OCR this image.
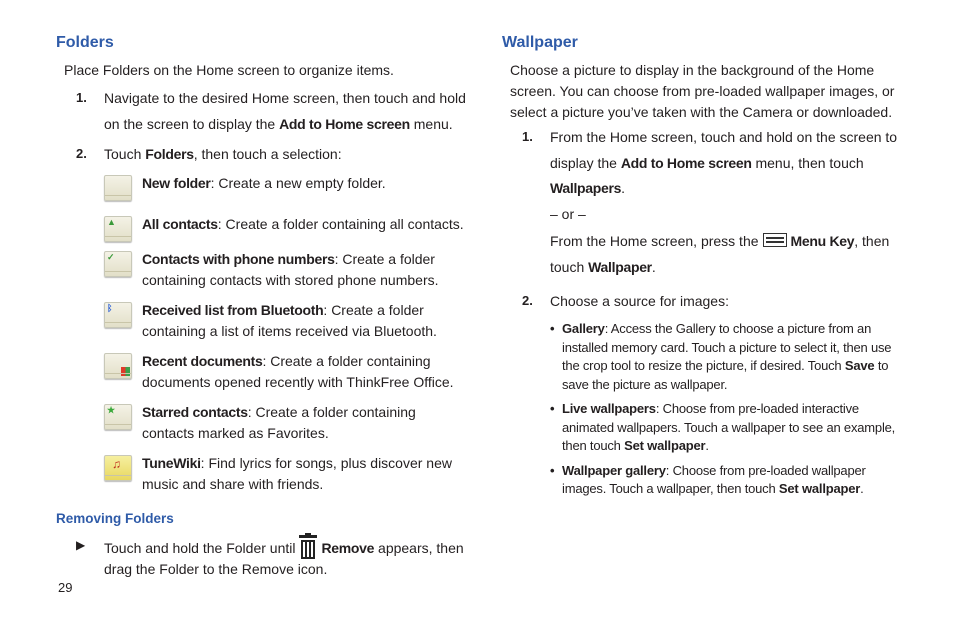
Folders
Place Folders on the Home screen to organize items.
1. Navigate to the desired Home screen, then touch and hold
on the screen to display the Add to Home screen menu.
2. Touch Folders, then touch a selection:
New folder: Create a new empty folder.
▲ All contacts: Create a folder containing all contacts.
✓ Contacts with phone numbers: Create a folder containing contacts with stored phone numbers.
ᛒ Received list from Bluetooth: Create a folder containing a list of items received via Bluetooth.
Recent documents: Create a folder containing documents opened recently with ThinkFree Office.
★ Starred contacts: Create a folder containing contacts marked as Favorites.
♫ TuneWiki: Find lyrics for songs, plus discover new music and share with friends.
Removing Folders
▶ Touch and hold the Folder until Remove appears, then drag the Folder to the Remove icon.
29
Wallpaper
Choose a picture to display in the background of the Home screen. You can choose from pre-loaded wallpaper images, or select a picture you’ve taken with the Camera or downloaded.
1. From the Home screen, touch and hold on the screen to
display the Add to Home screen menu, then touch
Wallpapers.
– or –
From the Home screen, press the Menu Key, then
touch Wallpaper.
2. Choose a source for images:
• Gallery: Access the Gallery to choose a picture from an installed memory card. Touch a picture to select it, then use the crop tool to resize the picture, if desired. Touch Save to save the picture as wallpaper.
• Live wallpapers: Choose from pre-loaded interactive animated wallpapers. Touch a wallpaper to see an example, then touch Set wallpaper.
• Wallpaper gallery: Choose from pre-loaded wallpaper images. Touch a wallpaper, then touch Set wallpaper.
